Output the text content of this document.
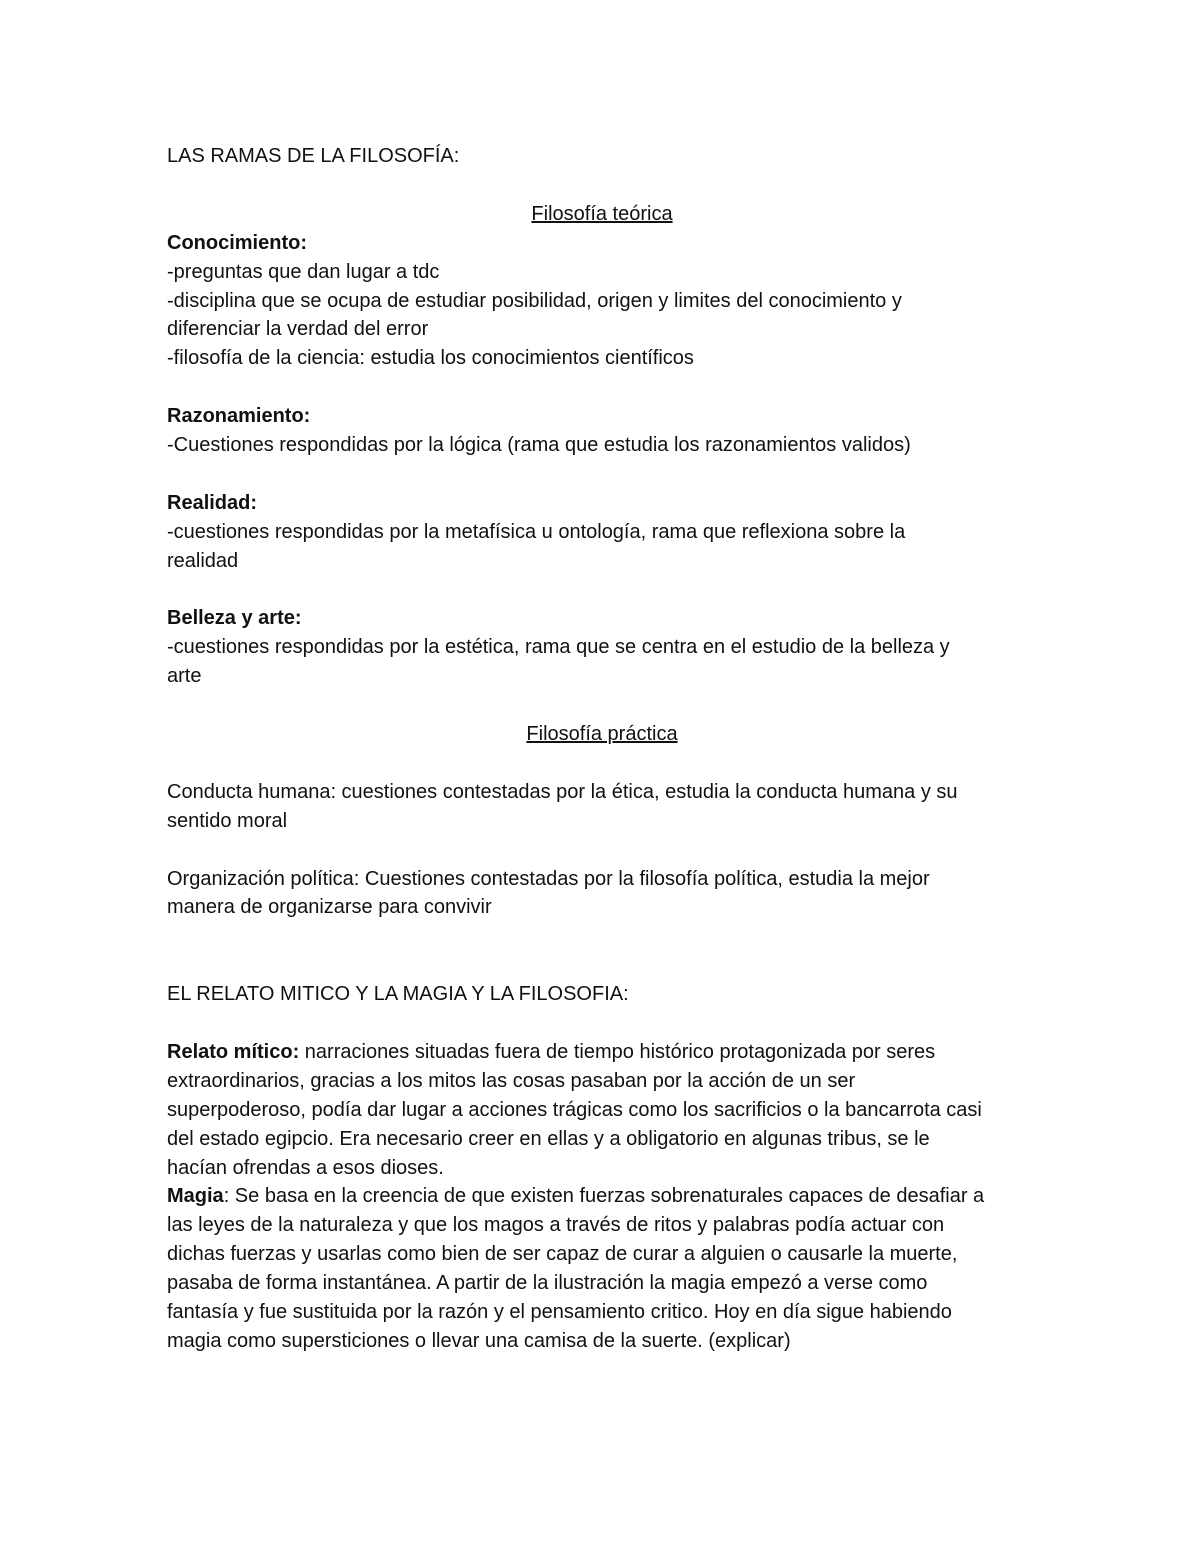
LAS RAMAS DE LA FILOSOFÍA:
Filosofía teórica
Conocimiento:
-preguntas que dan lugar a tdc
-disciplina que se ocupa de estudiar posibilidad, origen y limites del conocimiento y
diferenciar la verdad del error
-filosofía de la ciencia: estudia los conocimientos científicos
Razonamiento:
-Cuestiones respondidas por la lógica (rama que estudia los razonamientos validos)
Realidad:
-cuestiones respondidas por la metafísica u ontología, rama que reflexiona sobre la
realidad
Belleza y arte:
-cuestiones respondidas por la estética, rama que se centra en el estudio de la belleza y
arte
Filosofía práctica
Conducta humana: cuestiones contestadas por la ética, estudia la conducta humana y su
sentido moral
Organización política: Cuestiones contestadas por la filosofía política, estudia la mejor
manera de organizarse para convivir
EL RELATO MITICO Y LA MAGIA Y LA FILOSOFIA:
Relato mítico: narraciones situadas fuera de tiempo histórico protagonizada por seres
extraordinarios, gracias a los mitos las cosas pasaban por la acción de un ser
superpoderoso, podía dar lugar a acciones trágicas como los sacrificios o la bancarrota casi
del estado egipcio. Era necesario creer en ellas y a obligatorio en algunas tribus, se le
hacían ofrendas a esos dioses.
Magia: Se basa en la creencia de que existen fuerzas sobrenaturales capaces de desafiar a
las leyes de la naturaleza y que los magos a través de ritos y palabras podía actuar con
dichas fuerzas y usarlas como bien de ser capaz de curar a alguien o causarle la muerte,
pasaba de forma instantánea. A partir de la ilustración la magia empezó a verse como
fantasía y fue sustituida por la razón y el pensamiento critico. Hoy en día sigue habiendo
magia como supersticiones o llevar una camisa de la suerte. (explicar)
